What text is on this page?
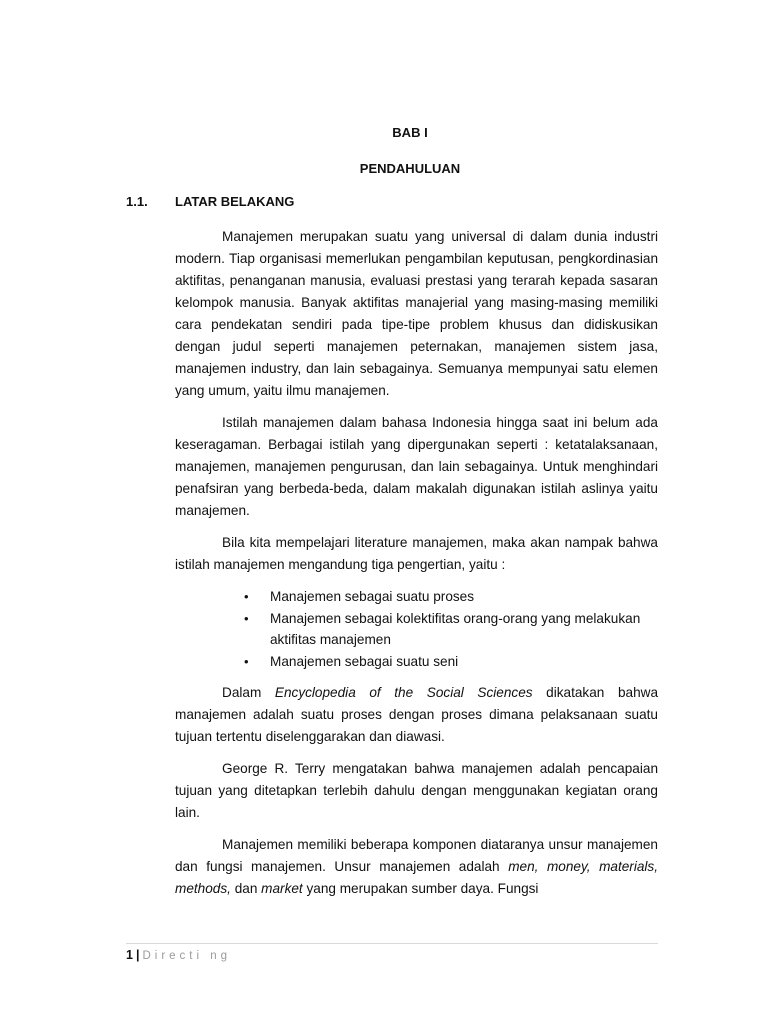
BAB I
PENDAHULUAN
1.1. LATAR BELAKANG

Manajemen merupakan suatu yang universal di dalam dunia industri modern. Tiap organisasi memerlukan pengambilan keputusan, pengkordinasian aktifitas, penanganan manusia, evaluasi prestasi yang terarah kepada sasaran kelompok manusia. Banyak aktifitas manajerial yang masing-masing memiliki cara pendekatan sendiri pada tipe-tipe problem khusus dan didiskusikan dengan judul seperti manajemen peternakan, manajemen sistem jasa, manajemen industry, dan lain sebagainya. Semuanya mempunyai satu elemen yang umum, yaitu ilmu manajemen.

Istilah manajemen dalam bahasa Indonesia hingga saat ini belum ada keseragaman. Berbagai istilah yang dipergunakan seperti : ketatalaksanaan, manajemen, manajemen pengurusan, dan lain sebagainya. Untuk menghindari penafsiran yang berbeda-beda, dalam makalah digunakan istilah aslinya yaitu manajemen.

Bila kita mempelajari literature manajemen, maka akan nampak bahwa istilah manajemen mengandung tiga pengertian, yaitu :

• Manajemen sebagai suatu proses
• Manajemen sebagai kolektifitas orang-orang yang melakukan aktifitas manajemen
• Manajemen sebagai suatu seni

Dalam Encyclopedia of the Social Sciences dikatakan bahwa manajemen adalah suatu proses dengan proses dimana pelaksanaan suatu tujuan tertentu diselenggarakan dan diawasi.

George R. Terry mengatakan bahwa manajemen adalah pencapaian tujuan yang ditetapkan terlebih dahulu dengan menggunakan kegiatan orang lain.

Manajemen memiliki beberapa komponen diataranya unsur manajemen dan fungsi manajemen. Unsur manajemen adalah men, money, materials, methods, dan market yang merupakan sumber daya. Fungsi

1 | Directi ng
